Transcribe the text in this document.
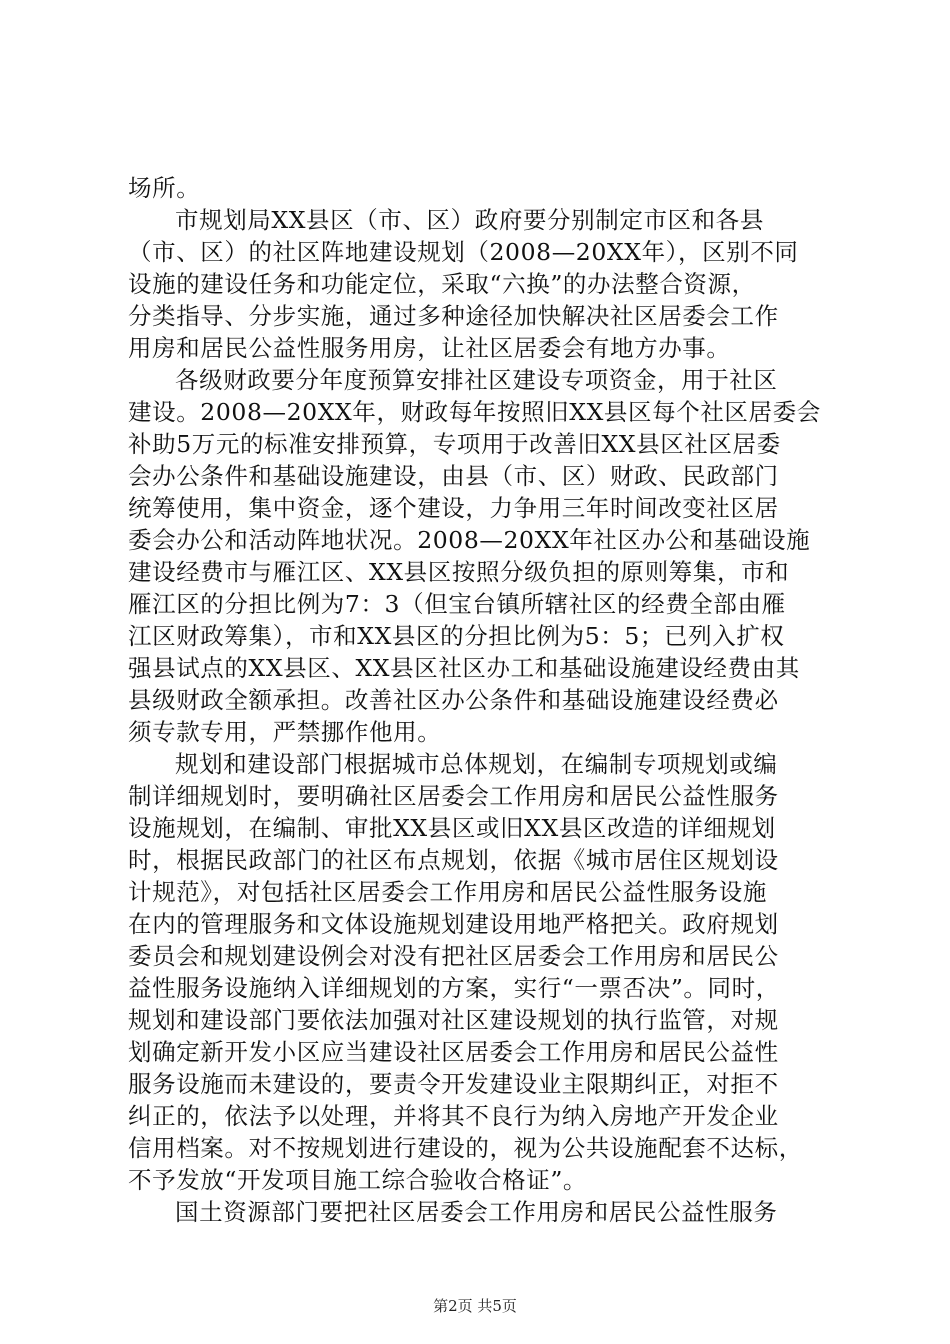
场所。
市规划局XX县区（市、区）政府要分别制定市区和各县
（市、区）的社区阵地建设规划（2008—20XX年），区别不同
设施的建设任务和功能定位，采取“六换”的办法整合资源，
分类指导、分步实施，通过多种途径加快解决社区居委会工作
用房和居民公益性服务用房，让社区居委会有地方办事。
各级财政要分年度预算安排社区建设专项资金，用于社区
建设。2008—20XX年，财政每年按照旧XX县区每个社区居委会
补助5万元的标准安排预算，专项用于改善旧XX县区社区居委
会办公条件和基础设施建设，由县（市、区）财政、民政部门
统筹使用，集中资金，逐个建设，力争用三年时间改变社区居
委会办公和活动阵地状况。2008—20XX年社区办公和基础设施
建设经费市与雁江区、XX县区按照分级负担的原则筹集，市和
雁江区的分担比例为7：3（但宝台镇所辖社区的经费全部由雁
江区财政筹集），市和XX县区的分担比例为5：5；已列入扩权
强县试点的XX县区、XX县区社区办工和基础设施建设经费由其
县级财政全额承担。改善社区办公条件和基础设施建设经费必
须专款专用，严禁挪作他用。
规划和建设部门根据城市总体规划，在编制专项规划或编
制详细规划时，要明确社区居委会工作用房和居民公益性服务
设施规划，在编制、审批XX县区或旧XX县区改造的详细规划
时，根据民政部门的社区布点规划，依据《城市居住区规划设
计规范》，对包括社区居委会工作用房和居民公益性服务设施
在内的管理服务和文体设施规划建设用地严格把关。政府规划
委员会和规划建设例会对没有把社区居委会工作用房和居民公
益性服务设施纳入详细规划的方案，实行“一票否决”。同时，
规划和建设部门要依法加强对社区建设规划的执行监管，对规
划确定新开发小区应当建设社区居委会工作用房和居民公益性
服务设施而未建设的，要责令开发建设业主限期纠正，对拒不
纠正的，依法予以处理，并将其不良行为纳入房地产开发企业
信用档案。对不按规划进行建设的，视为公共设施配套不达标，
不予发放“开发项目施工综合验收合格证”。
国土资源部门要把社区居委会工作用房和居民公益性服务
第2页 共5页
